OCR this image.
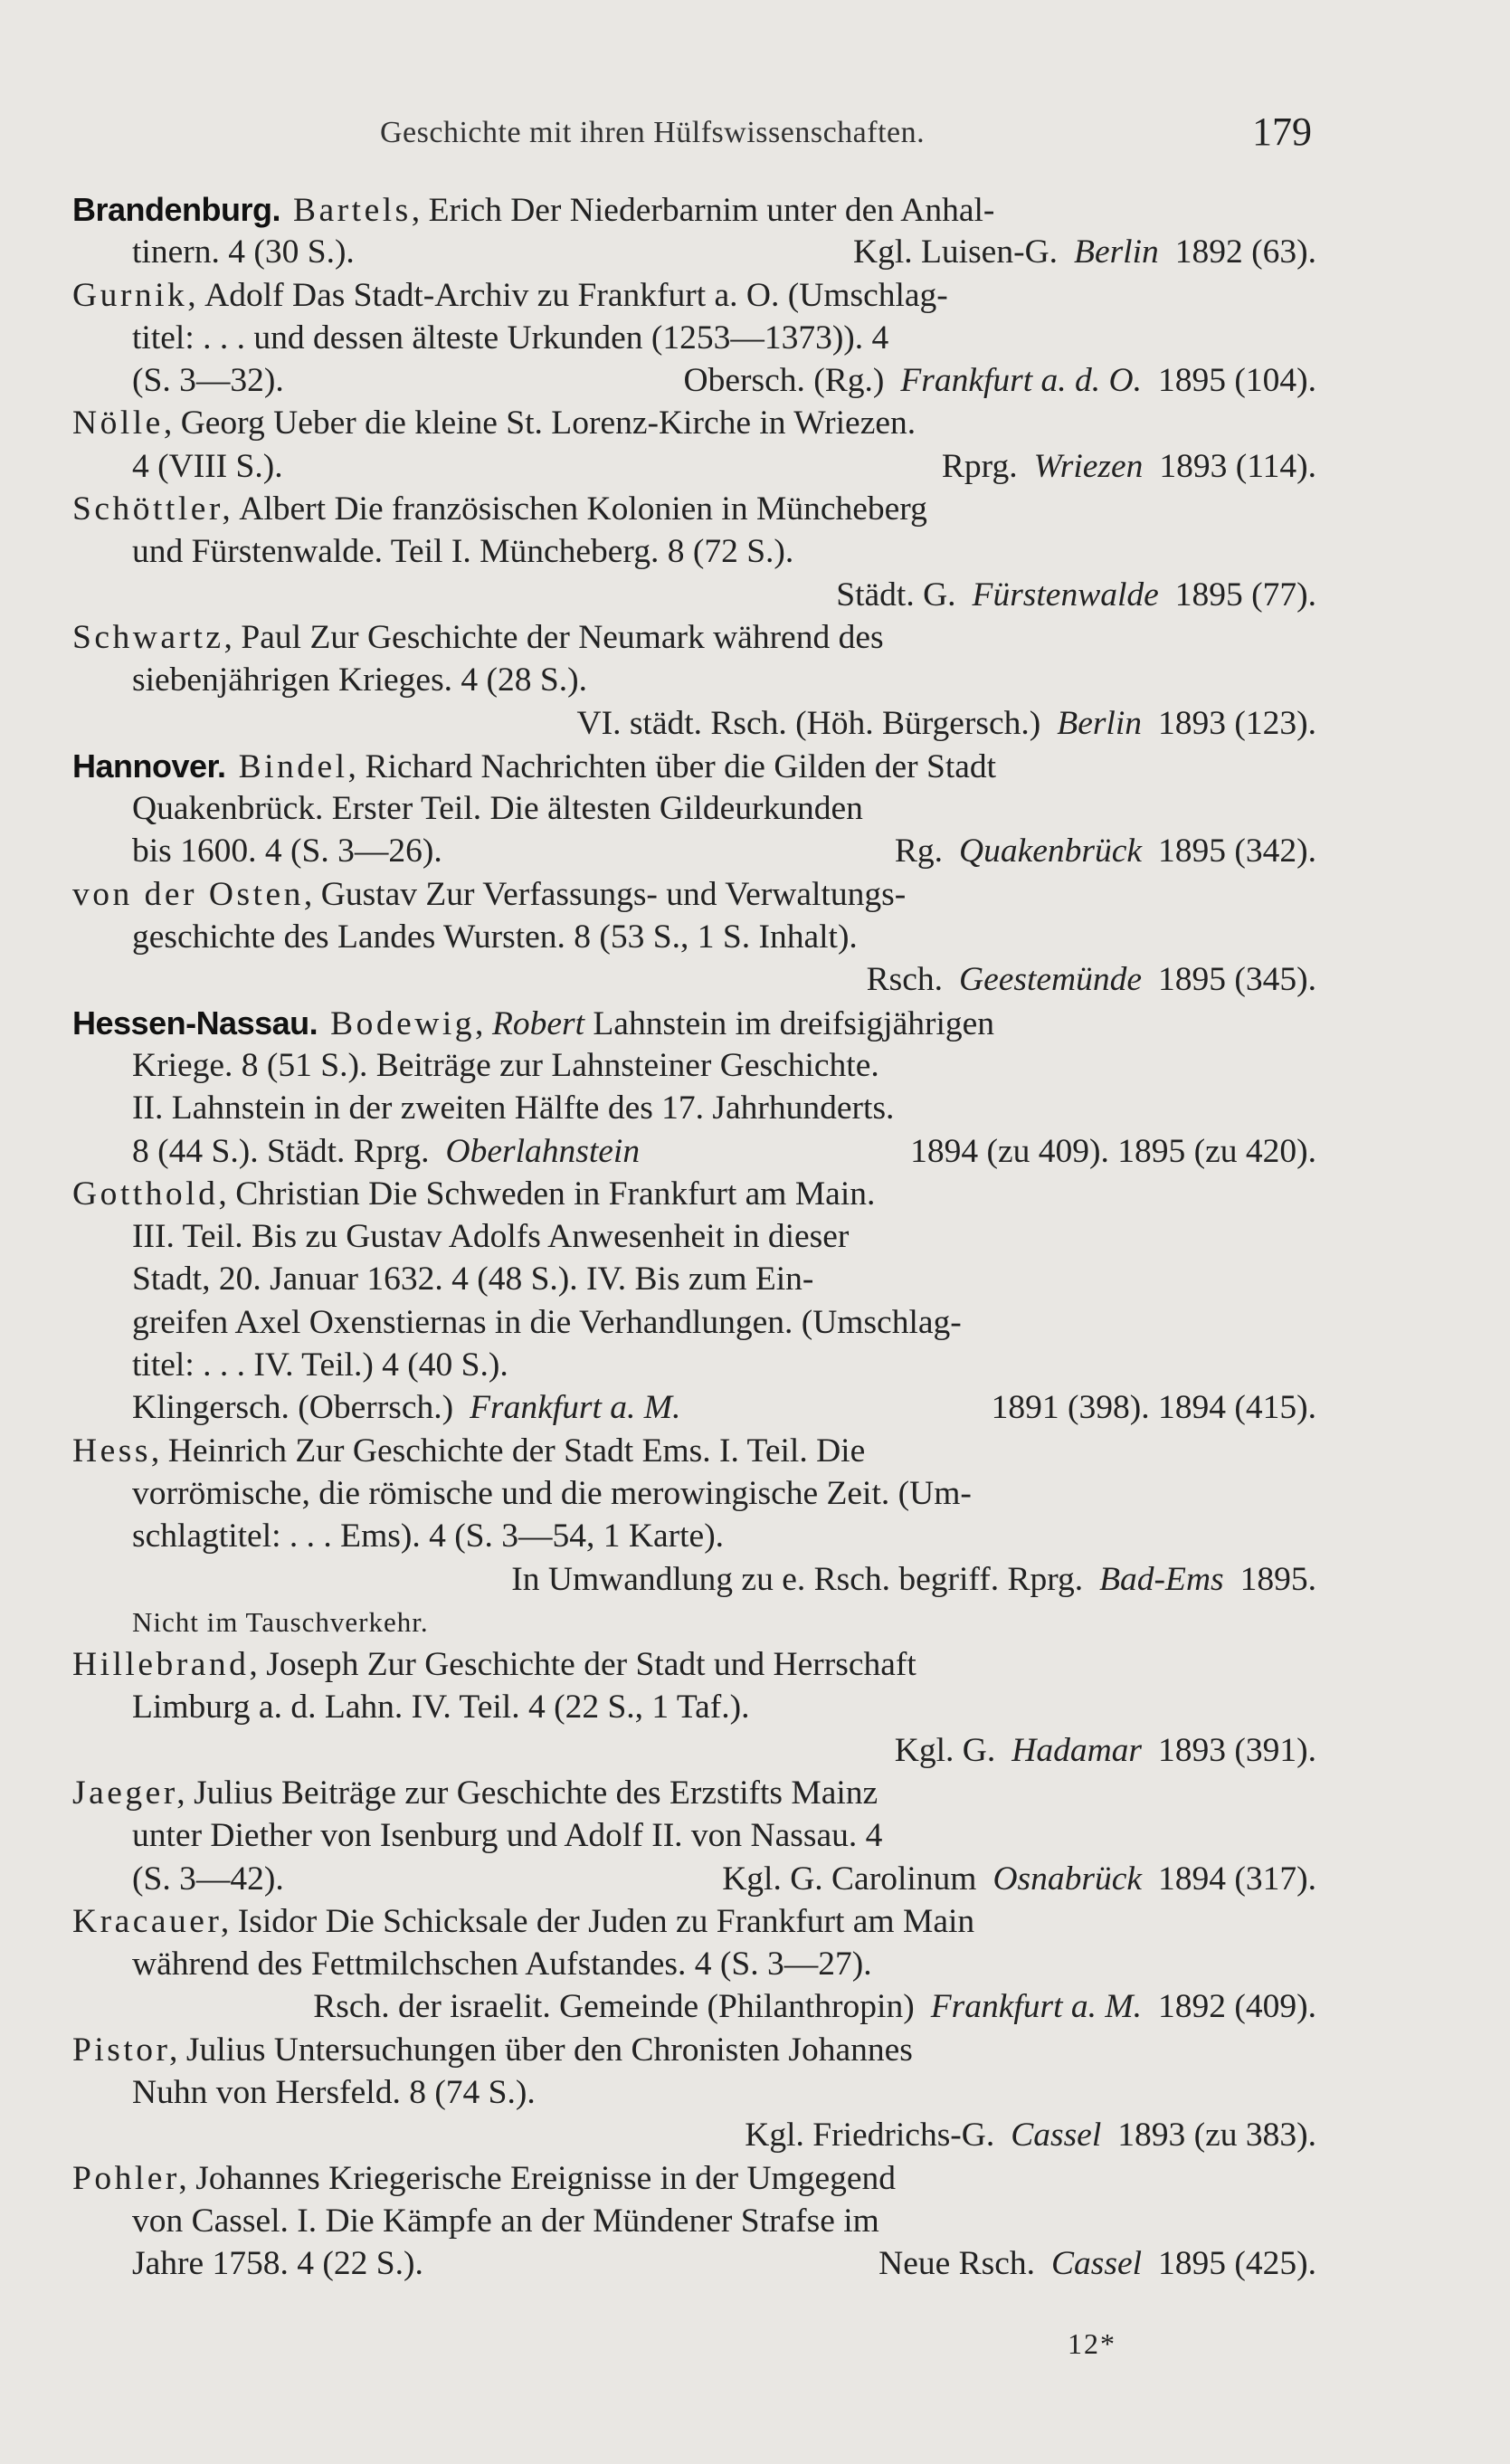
Geschichte mit ihren Hülfswissenschaften.	179
Brandenburg. Bartels, Erich Der Niederbarnim unter den Anhal-
tinern. 4 (30 S.).	Kgl. Luisen-G. Berlin 1892 (63).
Gurnik, Adolf Das Stadt-Archiv zu Frankfurt a. O. (Umschlag-
titel: . . . und dessen älteste Urkunden (1253—1373)). 4
(S. 3—32).	Obersch. (Rg.) Frankfurt a. d. O. 1895 (104).
Nölle, Georg Ueber die kleine St. Lorenz-Kirche in Wriezen.
4 (VIII S.).	Rprg. Wriezen 1893 (114).
Schöttler, Albert Die französischen Kolonien in Müncheberg
und Fürstenwalde. Teil I. Müncheberg. 8 (72 S.).
Städt. G. Fürstenwalde 1895 (77).
Schwartz, Paul Zur Geschichte der Neumark während des
siebenjährigen Krieges. 4 (28 S.).
VI. städt. Rsch. (Höh. Bürgersch.) Berlin 1893 (123).
Hannover. Bindel, Richard Nachrichten über die Gilden der Stadt
Quakenbrück. Erster Teil. Die ältesten Gildeurkunden
bis 1600. 4 (S. 3—26).	Rg. Quakenbrück 1895 (342).
von der Osten, Gustav Zur Verfassungs- und Verwaltungs-
geschichte des Landes Wursten. 8 (53 S., 1 S. Inhalt).
Rsch. Geestemünde 1895 (345).
Hessen-Nassau. Bodewig, Robert Lahnstein im dreifsigjährigen
Kriege. 8 (51 S.). Beiträge zur Lahnsteiner Geschichte.
II. Lahnstein in der zweiten Hälfte des 17. Jahrhunderts.
8 (44 S.). Städt. Rprg. Oberlahnstein	1894 (zu 409). 1895 (zu 420).
Gotthold, Christian Die Schweden in Frankfurt am Main.
III. Teil. Bis zu Gustav Adolfs Anwesenheit in dieser
Stadt, 20. Januar 1632. 4 (48 S.). IV. Bis zum Ein-
greifen Axel Oxenstiernas in die Verhandlungen. (Umschlag-
titel: . . . IV. Teil.) 4 (40 S.).
Klingersch. (Oberrsch.) Frankfurt a. M.	1891 (398). 1894 (415).
Hess, Heinrich Zur Geschichte der Stadt Ems. I. Teil. Die
vorrömische, die römische und die merowingische Zeit. (Um-
schlagtitel: . . . Ems). 4 (S. 3—54, 1 Karte).
In Umwandlung zu e. Rsch. begriff. Rprg. Bad-Ems 1895.
Nicht im Tauschverkehr.
Hillebrand, Joseph Zur Geschichte der Stadt und Herrschaft
Limburg a. d. Lahn. IV. Teil. 4 (22 S., 1 Taf.).
Kgl. G. Hadamar 1893 (391).
Jaeger, Julius Beiträge zur Geschichte des Erzstifts Mainz
unter Diether von Isenburg und Adolf II. von Nassau. 4
(S. 3—42).	Kgl. G. Carolinum Osnabrück 1894 (317).
Kracauer, Isidor Die Schicksale der Juden zu Frankfurt am Main
während des Fettmilchschen Aufstandes. 4 (S. 3—27).
Rsch. der israelit. Gemeinde (Philanthropin) Frankfurt a. M. 1892 (409).
Pistor, Julius Untersuchungen über den Chronisten Johannes
Nuhn von Hersfeld. 8 (74 S.).
Kgl. Friedrichs-G. Cassel 1893 (zu 383).
Pohler, Johannes Kriegerische Ereignisse in der Umgegend
von Cassel. I. Die Kämpfe an der Mündener Strafse im
Jahre 1758. 4 (22 S.).	Neue Rsch. Cassel 1895 (425).
12*
